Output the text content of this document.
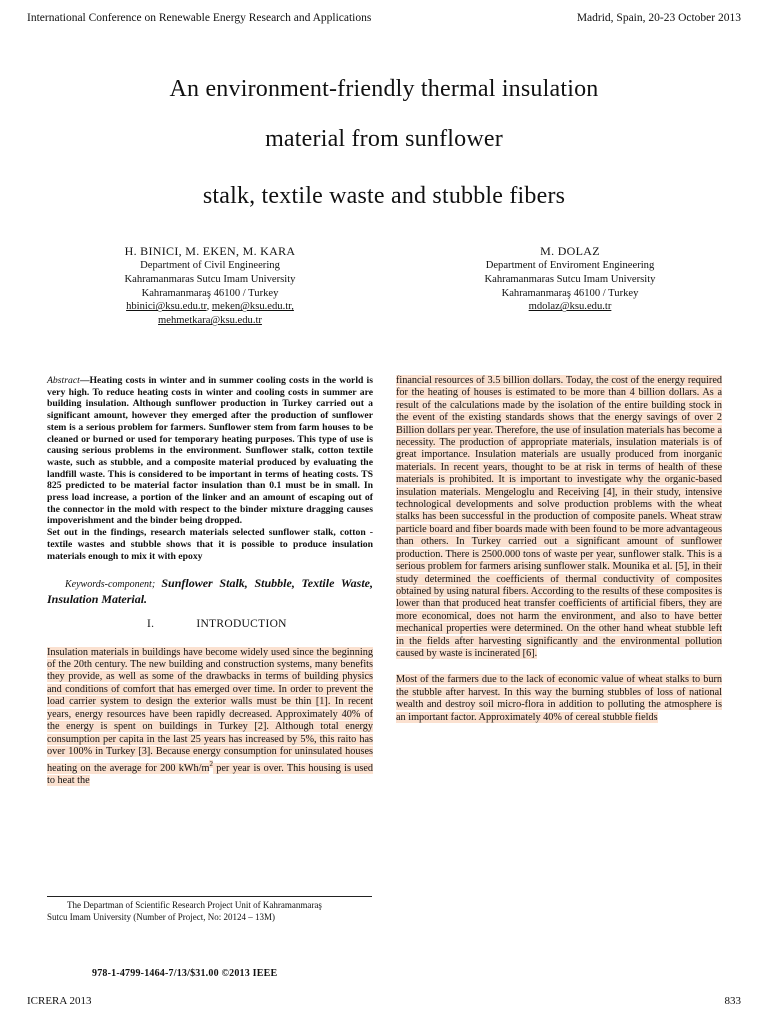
International Conference on Renewable Energy Research and Applications	Madrid, Spain, 20-23 October 2013
An environment-friendly thermal insulation
material from sunflower
stalk, textile waste and stubble fibers
H. BINICI, M. EKEN, M. KARA
Department of Civil Engineering
Kahramanmaras Sutcu Imam University
Kahramanmaraş 46100 / Turkey
hbinici@ksu.edu.tr, meken@ksu.edu.tr,
mehmetkara@ksu.edu.tr
M. DOLAZ
Department of Enviroment Engineering
Kahramanmaras Sutcu Imam University
Kahramanmaraş 46100 / Turkey
mdolaz@ksu.edu.tr
Abstract—Heating costs in winter and in summer cooling costs in the world is very high. To reduce heating costs in winter and cooling costs in summer are building insulation. Although sunflower production in Turkey carried out a significant amount, however they emerged after the production of sunflower stem is a serious problem for farmers. Sunflower stem from farm houses to be cleaned or burned or used for temporary heating purposes. This type of use is causing serious problems in the environment. Sunflower stalk, cotton textile waste, such as stubble, and a composite material produced by evaluating the landfill waste. This is considered to be important in terms of heating costs. TS 825 predicted to be material factor insulation than 0.1 must be in small. In press load increase, a portion of the linker and an amount of escaping out of the connector in the mold with respect to the binder mixture dragging causes impoverishment and the binder being dropped.
Set out in the findings, research materials selected sunflower stalk, cotton - textile wastes and stubble shows that it is possible to produce insulation materials enough to mix it with epoxy
Keywords-component; Sunflower Stalk, Stubble, Textile Waste, Insulation Material.
I.	INTRODUCTION
Insulation materials in buildings have become widely used since the beginning of the 20th century. The new building and construction systems, many benefits they provide, as well as some of the drawbacks in terms of building physics and conditions of comfort that has emerged over time. In order to prevent the load carrier system to design the exterior walls must be thin [1]. In recent years, energy resources have been rapidly decreased. Approximately 40% of the energy is spent on buildings in Turkey [2]. Although total energy consumption per capita in the last 25 years has increased by 5%, this raito has over 100% in Turkey [3]. Because energy consumption for uninsulated houses heating on the average for 200 kWh/$m^2$ per year is over. This housing is used to heat the
financial resources of 3.5 billion dollars. Today, the cost of the energy required for the heating of houses is estimated to be more than 4 billion dollars. As a result of the calculations made by the isolation of the entire building stock in the event of the existing standards shows that the energy savings of over 2 Billion dollars per year. Therefore, the use of insulation materials has become a necessity. The production of appropriate materials, insulation materials is of great importance. Insulation materials are usually produced from inorganic materials. In recent years, thought to be at risk in terms of health of these materials is prohibited. It is important to investigate why the organic-based insulation materials. Mengeloglu and Receiving [4], in their study, intensive technological developments and solve production problems with the wheat stalks has been successful in the production of composite panels. Wheat straw particle board and fiber boards made with been found to be more advantageous than others. In Turkey carried out a significant amount of sunflower production. There is 2500.000 tons of waste per year, sunflower stalk. This is a serious problem for farmers arising sunflower stalk. Mounika et al. [5], in their study determined the coefficients of thermal conductivity of composites obtained by using natural fibers. According to the results of these composites is lower than that produced heat transfer coefficients of artificial fibers, they are more economical, does not harm the environment, and also to have better mechanical properties were determined. On the other hand wheat stubble left in the fields after harvesting significantly and the environmental pollution caused by waste is incinerated [6].
Most of the farmers due to the lack of economic value of wheat stalks to burn the stubble after harvest. In this way the burning stubbles of loss of national wealth and destroy soil micro-flora in addition to polluting the atmosphere is an important factor. Approximately 40% of cereal stubble fields
The Departman of Scientific Research Project Unit of Kahramanmaraş
Sutcu Imam University (Number of Project, No: 20124 – 13M)
978-1-4799-1464-7/13/$31.00 ©2013 IEEE
ICRERA 2013	833
